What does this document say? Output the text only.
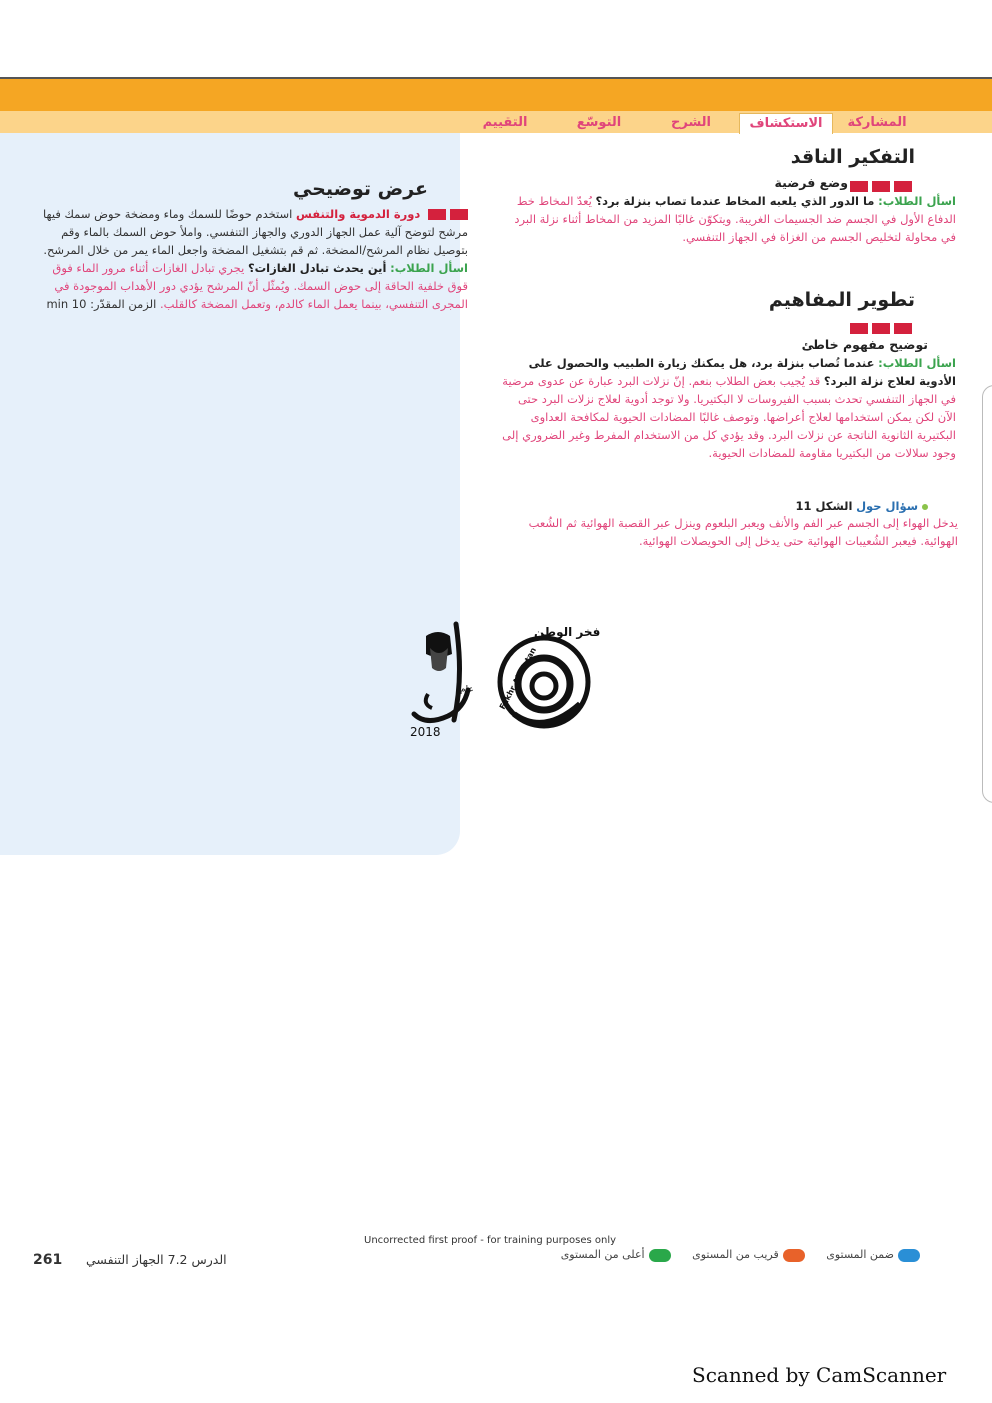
المشاركة
الاستكشاف
الشرح
التوسّع
التقييم
التفكير الناقد
وضع فرضية
اسأل الطلاب: ما الدور الذي يلعبه المخاط عندما تصاب بنزلة برد؟ يُعدّ المخاط خط الدفاع الأول في الجسم ضد الجسيمات الغريبة. ويتكوّن غالبًا المزيد من المخاط أثناء نزلة البرد في محاولة لتخليص الجسم من الغزاة في الجهاز التنفسي.
تطوير المفاهيم
توضيح مفهوم خاطئ
اسأل الطلاب: عندما تُصاب بنزلة برد، هل يمكنك زيارة الطبيب والحصول على الأدوية لعلاج نزلة البرد؟ قد يُجيب بعض الطلاب بنعم. إنّ نزلات البرد عبارة عن عدوى مرضية في الجهاز التنفسي تحدث بسبب الفيروسات لا البكتيريا. ولا توجد أدوية لعلاج نزلات البرد حتى الآن لكن يمكن استخدامها لعلاج أعراضها. وتوصف غالبًا المضادات الحيوية لمكافحة العداوى البكتيرية الثانوية الناتجة عن نزلات البرد. وقد يؤدي كل من الاستخدام المفرط وغير الضروري إلى وجود سلالات من البكتيريا مقاومة للمضادات الحيوية.
سؤال حول الشكل 11
يدخل الهواء إلى الجسم عبر الفم والأنف ويعبر البلعوم وينزل عبر القصبة الهوائية ثم الشُعب الهوائية. فيعبر الشُعيبات الهوائية حتى يدخل إلى الحويصلات الهوائية.
عرض توضيحي
دورة الدموية والتنفس استخدم حوضًا للسمك وماء ومضخة حوض سمك فيها مرشح لتوضح آلية عمل الجهاز الدوري والجهاز التنفسي. واملأ حوض السمك بالماء وقم بتوصيل نظام المرشح/المضخة. ثم قم بتشغيل المضخة واجعل الماء يمر من خلال المرشح. اسأل الطلاب: أين يحدث تبادل الغازات؟ يجري تبادل الغازات أثناء مرور الماء فوق قوق خلفية الحاقة إلى حوض السمك. ويُمثّل أنّ المرشح يؤدي دور الأهداب الموجودة في المجرى التنفسي، بينما يعمل الماء كالدم، وتعمل المضخة كالقلب. الزمن المقدّر: 10 min
2018
عام
فخر الوطن
Fakhr Al Watan
Uncorrected first proof - for training purposes only
ضمن المستوى قريب من المستوى أعلى من المستوى
261 الدرس 7.2 الجهاز التنفسي
Scanned by CamScanner
